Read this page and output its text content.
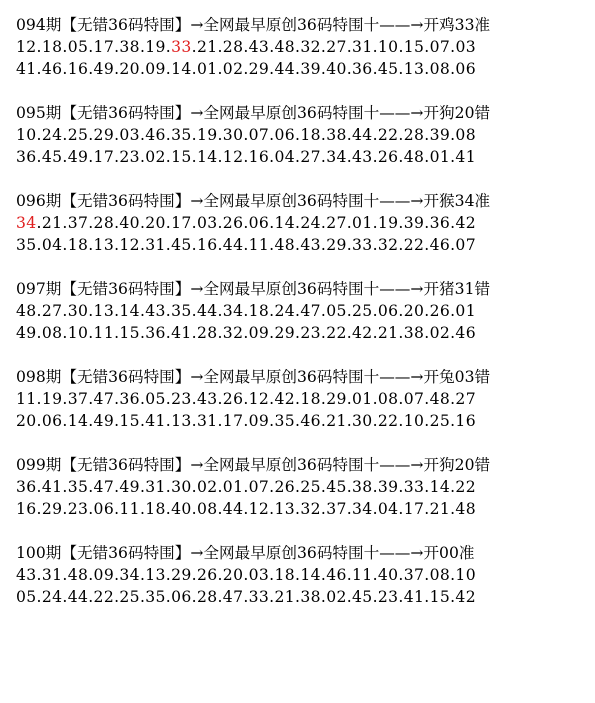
094期【无错36码特围】→全网最早原创36码特围十——→开鸡33准
12.18.05.17.38.19.33.21.28.43.48.32.27.31.10.15.07.03
41.46.16.49.20.09.14.01.02.29.44.39.40.36.45.13.08.06
095期【无错36码特围】→全网最早原创36码特围十——→开狗20错
10.24.25.29.03.46.35.19.30.07.06.18.38.44.22.28.39.08
36.45.49.17.23.02.15.14.12.16.04.27.34.43.26.48.01.41
096期【无错36码特围】→全网最早原创36码特围十——→开猴34准
34.21.37.28.40.20.17.03.26.06.14.24.27.01.19.39.36.42
35.04.18.13.12.31.45.16.44.11.48.43.29.33.32.22.46.07
097期【无错36码特围】→全网最早原创36码特围十——→开猪31错
48.27.30.13.14.43.35.44.34.18.24.47.05.25.06.20.26.01
49.08.10.11.15.36.41.28.32.09.29.23.22.42.21.38.02.46
098期【无错36码特围】→全网最早原创36码特围十——→开兔03错
11.19.37.47.36.05.23.43.26.12.42.18.29.01.08.07.48.27
20.06.14.49.15.41.13.31.17.09.35.46.21.30.22.10.25.16
099期【无错36码特围】→全网最早原创36码特围十——→开狗20错
36.41.35.47.49.31.30.02.01.07.26.25.45.38.39.33.14.22
16.29.23.06.11.18.40.08.44.12.13.32.37.34.04.17.21.48
100期【无错36码特围】→全网最早原创36码特围十——→开00准
43.31.48.09.34.13.29.26.20.03.18.14.46.11.40.37.08.10
05.24.44.22.25.35.06.28.47.33.21.38.02.45.23.41.15.42
